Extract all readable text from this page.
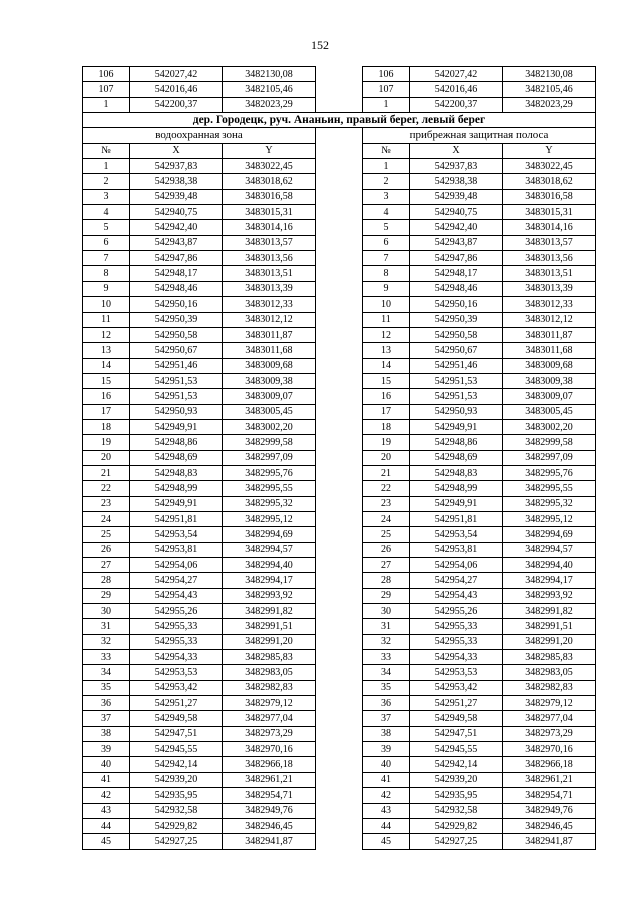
152
106	542027,42	3482130,08		106	542027,42	3482130,08
107	542016,46	3482105,46		107	542016,46	3482105,46
1	542200,37	3482023,29		1	542200,37	3482023,29
дер. Городецк, руч. Ананьин, правый берег, левый берег						
водоохранная зона				прибрежная защитная полоса		
№	X	Y		№	X	Y
1	542937,83	3483022,45		1	542937,83	3483022,45
2	542938,38	3483018,62		2	542938,38	3483018,62
3	542939,48	3483016,58		3	542939,48	3483016,58
4	542940,75	3483015,31		4	542940,75	3483015,31
5	542942,40	3483014,16		5	542942,40	3483014,16
6	542943,87	3483013,57		6	542943,87	3483013,57
7	542947,86	3483013,56		7	542947,86	3483013,56
8	542948,17	3483013,51		8	542948,17	3483013,51
9	542948,46	3483013,39		9	542948,46	3483013,39
10	542950,16	3483012,33		10	542950,16	3483012,33
11	542950,39	3483012,12		11	542950,39	3483012,12
12	542950,58	3483011,87		12	542950,58	3483011,87
13	542950,67	3483011,68		13	542950,67	3483011,68
14	542951,46	3483009,68		14	542951,46	3483009,68
15	542951,53	3483009,38		15	542951,53	3483009,38
16	542951,53	3483009,07		16	542951,53	3483009,07
17	542950,93	3483005,45		17	542950,93	3483005,45
18	542949,91	3483002,20		18	542949,91	3483002,20
19	542948,86	3482999,58		19	542948,86	3482999,58
20	542948,69	3482997,09		20	542948,69	3482997,09
21	542948,83	3482995,76		21	542948,83	3482995,76
22	542948,99	3482995,55		22	542948,99	3482995,55
23	542949,91	3482995,32		23	542949,91	3482995,32
24	542951,81	3482995,12		24	542951,81	3482995,12
25	542953,54	3482994,69		25	542953,54	3482994,69
26	542953,81	3482994,57		26	542953,81	3482994,57
27	542954,06	3482994,40		27	542954,06	3482994,40
28	542954,27	3482994,17		28	542954,27	3482994,17
29	542954,43	3482993,92		29	542954,43	3482993,92
30	542955,26	3482991,82		30	542955,26	3482991,82
31	542955,33	3482991,51		31	542955,33	3482991,51
32	542955,33	3482991,20		32	542955,33	3482991,20
33	542954,33	3482985,83		33	542954,33	3482985,83
34	542953,53	3482983,05		34	542953,53	3482983,05
35	542953,42	3482982,83		35	542953,42	3482982,83
36	542951,27	3482979,12		36	542951,27	3482979,12
37	542949,58	3482977,04		37	542949,58	3482977,04
38	542947,51	3482973,29		38	542947,51	3482973,29
39	542945,55	3482970,16		39	542945,55	3482970,16
40	542942,14	3482966,18		40	542942,14	3482966,18
41	542939,20	3482961,21		41	542939,20	3482961,21
42	542935,95	3482954,71		42	542935,95	3482954,71
43	542932,58	3482949,76		43	542932,58	3482949,76
44	542929,82	3482946,45		44	542929,82	3482946,45
45	542927,25	3482941,87		45	542927,25	3482941,87
